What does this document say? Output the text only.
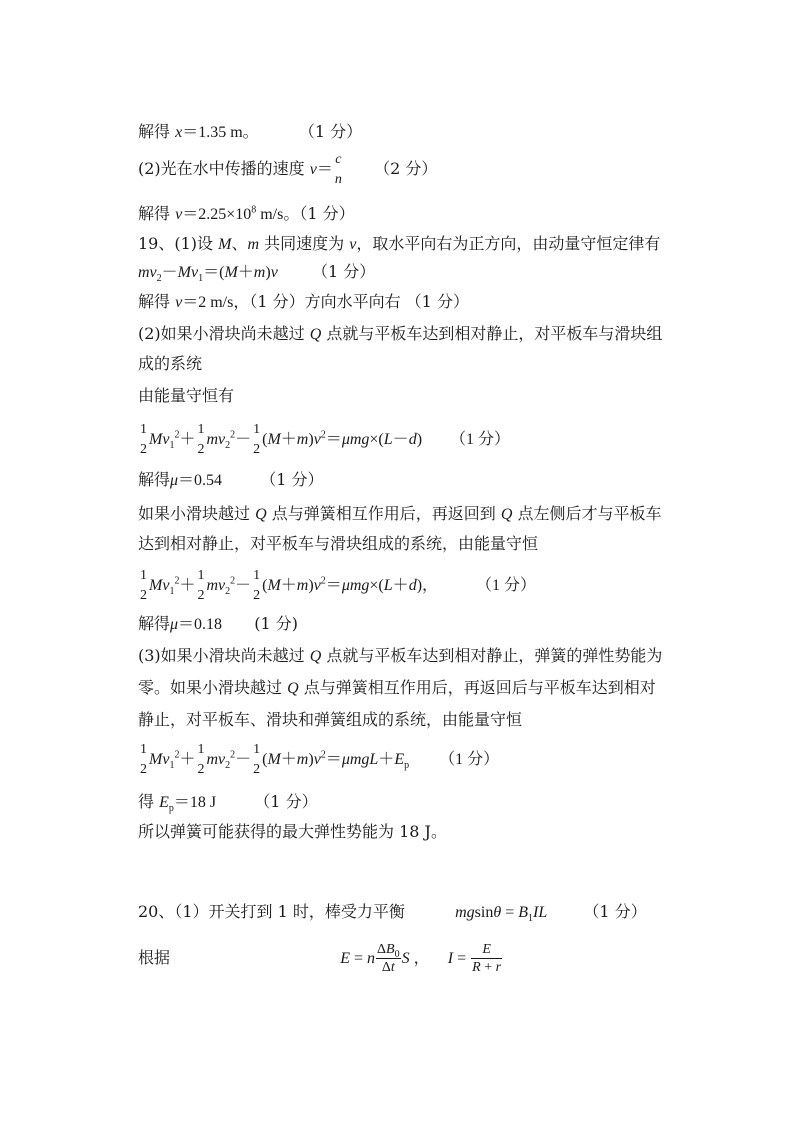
解得 x＝1.35 m。	（1 分）
(2)光在水中传播的速度 v＝ c
n
（2 分）
解得 $v=2.25\times 10^8$ m/s。（1 分）
19、(1)设 M、m 共同速度为 v，取水平向右为正方向，由动量守恒定律有
$mv_2-Mv_1=(M+m)v$ （1 分）
解得 v＝2 m/s，（1 分）方向水平向右 （1 分）
(2)如果小滑块尚未越过 Q 点就与平板车达到相对静止，对平板车与滑块组
成的系统
由能量守恒有
1
2
$Mv_1^2+$
1
2
$mv_2^2-$
1
2
$(M+m)v^2=\mu mg\times(L-d)$ （1 分）
解得μ＝0.54 （1 分）
如果小滑块越过 Q 点与弹簧相互作用后，再返回到 Q 点左侧后才与平板车
达到相对静止，对平板车与滑块组成的系统，由能量守恒
1
2
$Mv_1^2+$
1
2
$mv_2^2-$
1
2
$(M+m)v^2=\mu mg\times(L+d)$， （1 分）
解得μ＝0.18 (1 分)
(3)如果小滑块尚未越过 Q 点就与平板车达到相对静止，弹簧的弹性势能为
零。如果小滑块越过 Q 点与弹簧相互作用后，再返回后与平板车达到相对
静止，对平板车、滑块和弹簧组成的系统，由能量守恒
1
2
$Mv_1^2+$
1
2
$mv_2^2-$
1
2
$(M+m)v^2=\mu mgL+E_p$ （1 分）
得 $E_p=18$ J （1 分）
所以弹簧可能获得的最大弹性势能为 18 J。
20、（1）开关打到 1 时，棒受力平衡	$mgsin\theta = B_1IL$ （1 分）
根据	E = n $\frac{\Delta B_0}{\Delta t}$ S ， $I = \frac{E}{R + r}$
